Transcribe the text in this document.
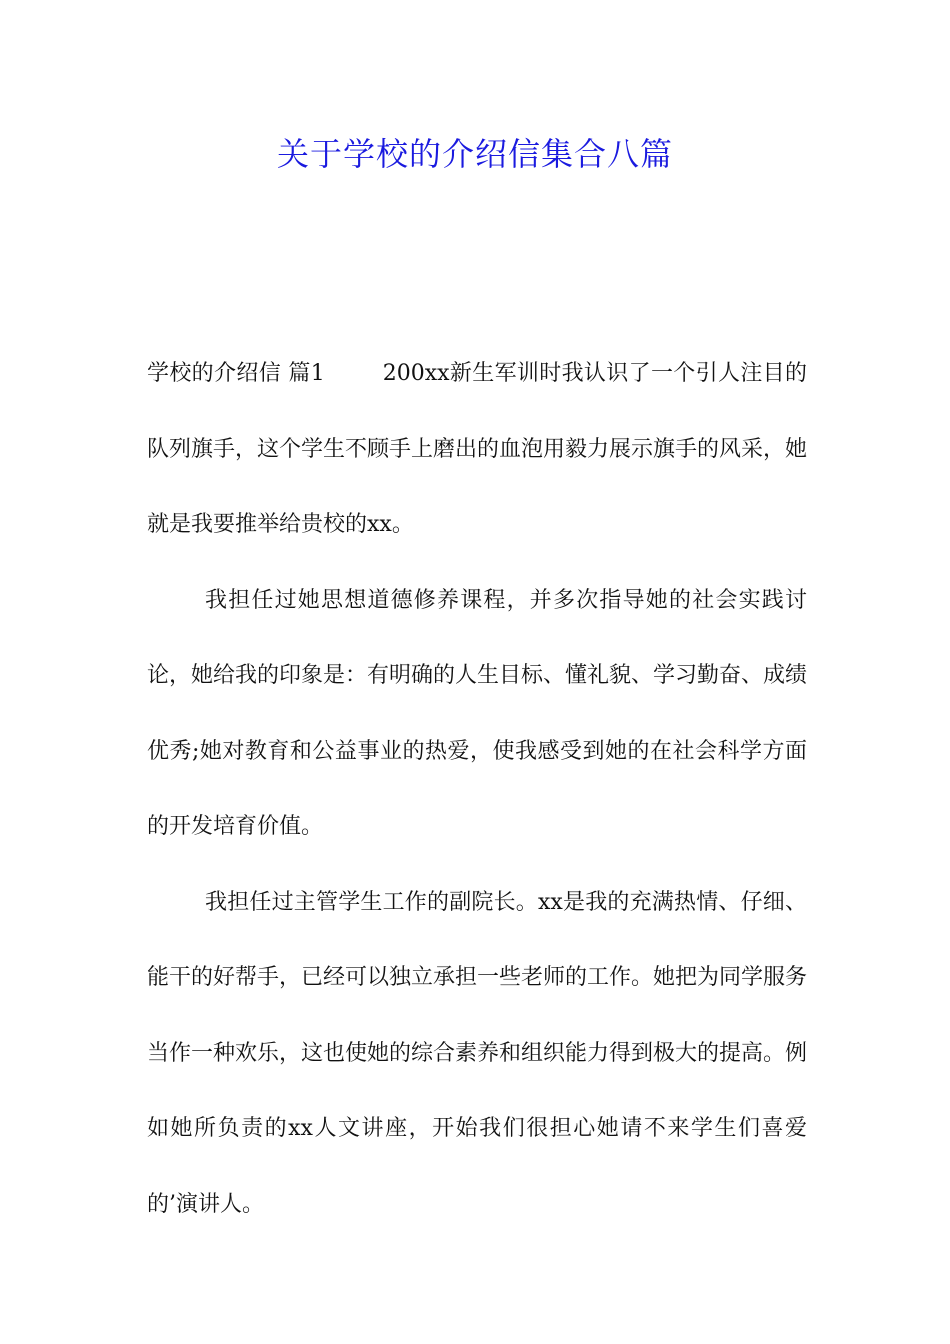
关于学校的介绍信集合八篇

学校的介绍信 篇1	200xx新生军训时我认识了一个引人注目的队列旗手，这个学生不顾手上磨出的血泡用毅力展示旗手的风采，她就是我要推举给贵校的xx。

我担任过她思想道德修养课程，并多次指导她的社会实践讨论，她给我的印象是：有明确的人生目标、懂礼貌、学习勤奋、成绩优秀;她对教育和公益事业的热爱，使我感受到她的在社会科学方面的开发培育价值。

我担任过主管学生工作的副院长。xx是我的充满热情、仔细、能干的好帮手，已经可以独立承担一些老师的工作。她把为同学服务当作一种欢乐，这也使她的综合素养和组织能力得到极大的提高。例如她所负责的xx人文讲座，开始我们很担心她请不来学生们喜爱的’演讲人。
